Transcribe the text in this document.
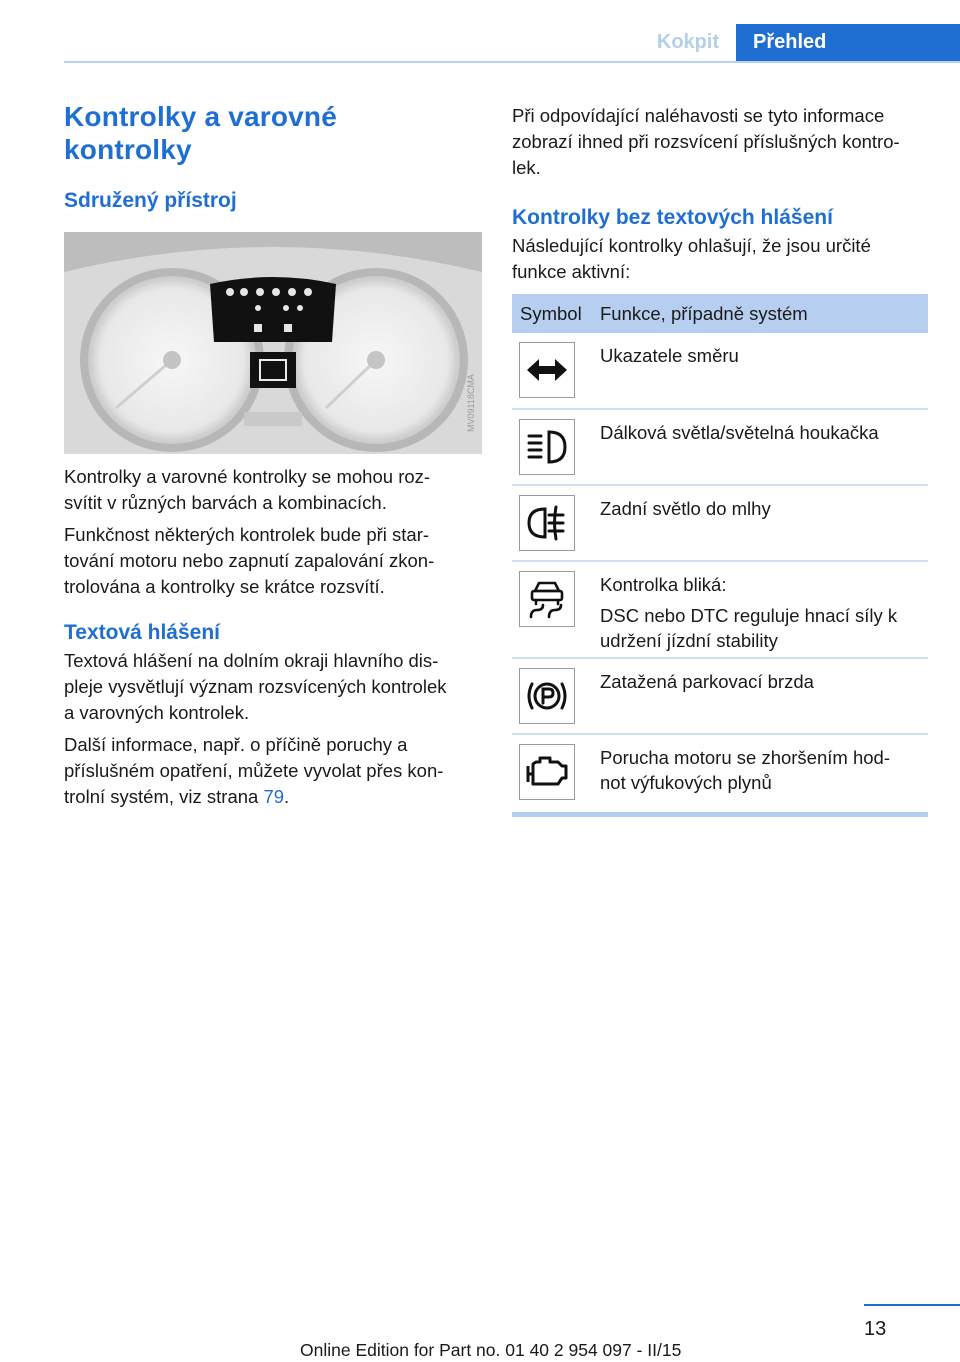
Kokpit	Přehled
Kontrolky a varovné
kontrolky
Sdružený přístroj
MV09118CMA
Kontrolky a varovné kontrolky se mohou roz‐
svítit v různých barvách a kombinacích.
Funkčnost některých kontrolek bude při star‐
tování motoru nebo zapnutí zapalování zkon‐
trolována a kontrolky se krátce rozsvítí.
Textová hlášení
Textová hlášení na dolním okraji hlavního dis‐
pleje vysvětlují význam rozsvícených kontrolek
a varovných kontrolek.
Další informace, např. o příčině poruchy a
příslušném opatření, můžete vyvolat přes kon‐
trolní systém, viz strana 79.
Při odpovídající naléhavosti se tyto informace
zobrazí ihned při rozsvícení příslušných kontro‐
lek.
Kontrolky bez textových hlášení
Následující kontrolky ohlašují, že jsou určité
funkce aktivní:
Symbol Funkce, případně systém
Ukazatele směru
Dálková světla/světelná houkačka
Zadní světlo do mlhy
Kontrolka bliká:
DSC nebo DTC reguluje hnací síly k
udržení jízdní stability
Zatažená parkovací brzda
Porucha motoru se zhoršením hod‐
not výfukových plynů
13
Online Edition for Part no. 01 40 2 954 097 - II/15
